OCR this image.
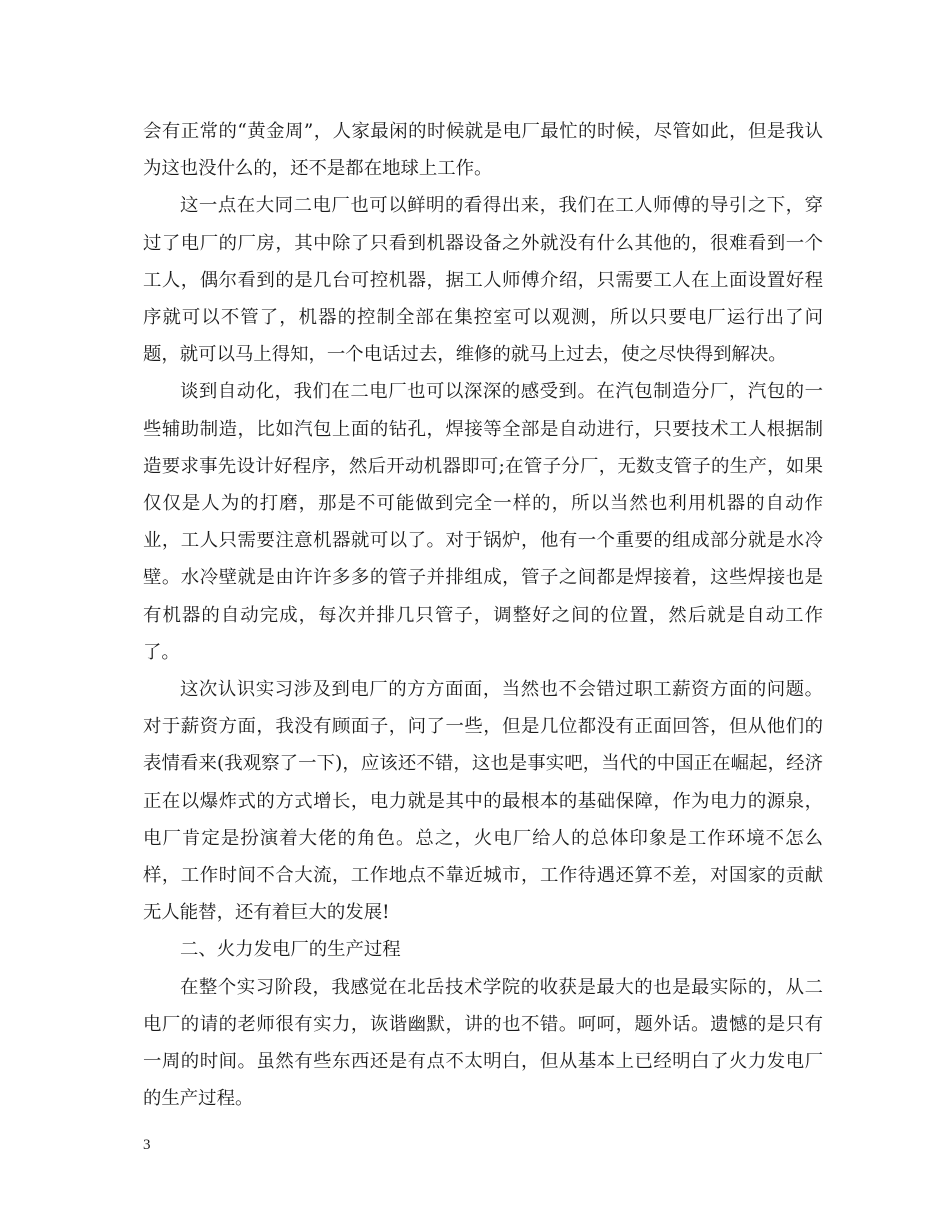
会有正常的“黄金周”，人家最闲的时候就是电厂最忙的时候，尽管如此，但是我认为这也没什么的，还不是都在地球上工作。

这一点在大同二电厂也可以鲜明的看得出来，我们在工人师傅的导引之下，穿过了电厂的厂房，其中除了只看到机器设备之外就没有什么其他的，很难看到一个工人，偶尔看到的是几台可控机器，据工人师傅介绍，只需要工人在上面设置好程序就可以不管了，机器的控制全部在集控室可以观测，所以只要电厂运行出了问题，就可以马上得知，一个电话过去，维修的就马上过去，使之尽快得到解决。

谈到自动化，我们在二电厂也可以深深的感受到。在汽包制造分厂，汽包的一些辅助制造，比如汽包上面的钻孔，焊接等全部是自动进行，只要技术工人根据制造要求事先设计好程序，然后开动机器即可;在管子分厂，无数支管子的生产，如果仅仅是人为的打磨，那是不可能做到完全一样的，所以当然也利用机器的自动作业，工人只需要注意机器就可以了。对于锅炉，他有一个重要的组成部分就是水冷壁。水冷壁就是由许许多多的管子并排组成，管子之间都是焊接着，这些焊接也是有机器的自动完成，每次并排几只管子，调整好之间的位置，然后就是自动工作了。

这次认识实习涉及到电厂的方方面面，当然也不会错过职工薪资方面的问题。对于薪资方面，我没有顾面子，问了一些，但是几位都没有正面回答，但从他们的表情看来(我观察了一下)，应该还不错，这也是事实吧，当代的中国正在崛起，经济正在以爆炸式的方式增长，电力就是其中的最根本的基础保障，作为电力的源泉，电厂肯定是扮演着大佬的角色。总之，火电厂给人的总体印象是工作环境不怎么样，工作时间不合大流，工作地点不靠近城市，工作待遇还算不差，对国家的贡献无人能替，还有着巨大的发展!

二、火力发电厂的生产过程

在整个实习阶段，我感觉在北岳技术学院的收获是最大的也是最实际的，从二电厂的请的老师很有实力，诙谐幽默，讲的也不错。呵呵，题外话。遗憾的是只有一周的时间。虽然有些东西还是有点不太明白，但从基本上已经明白了火力发电厂的生产过程。

3
